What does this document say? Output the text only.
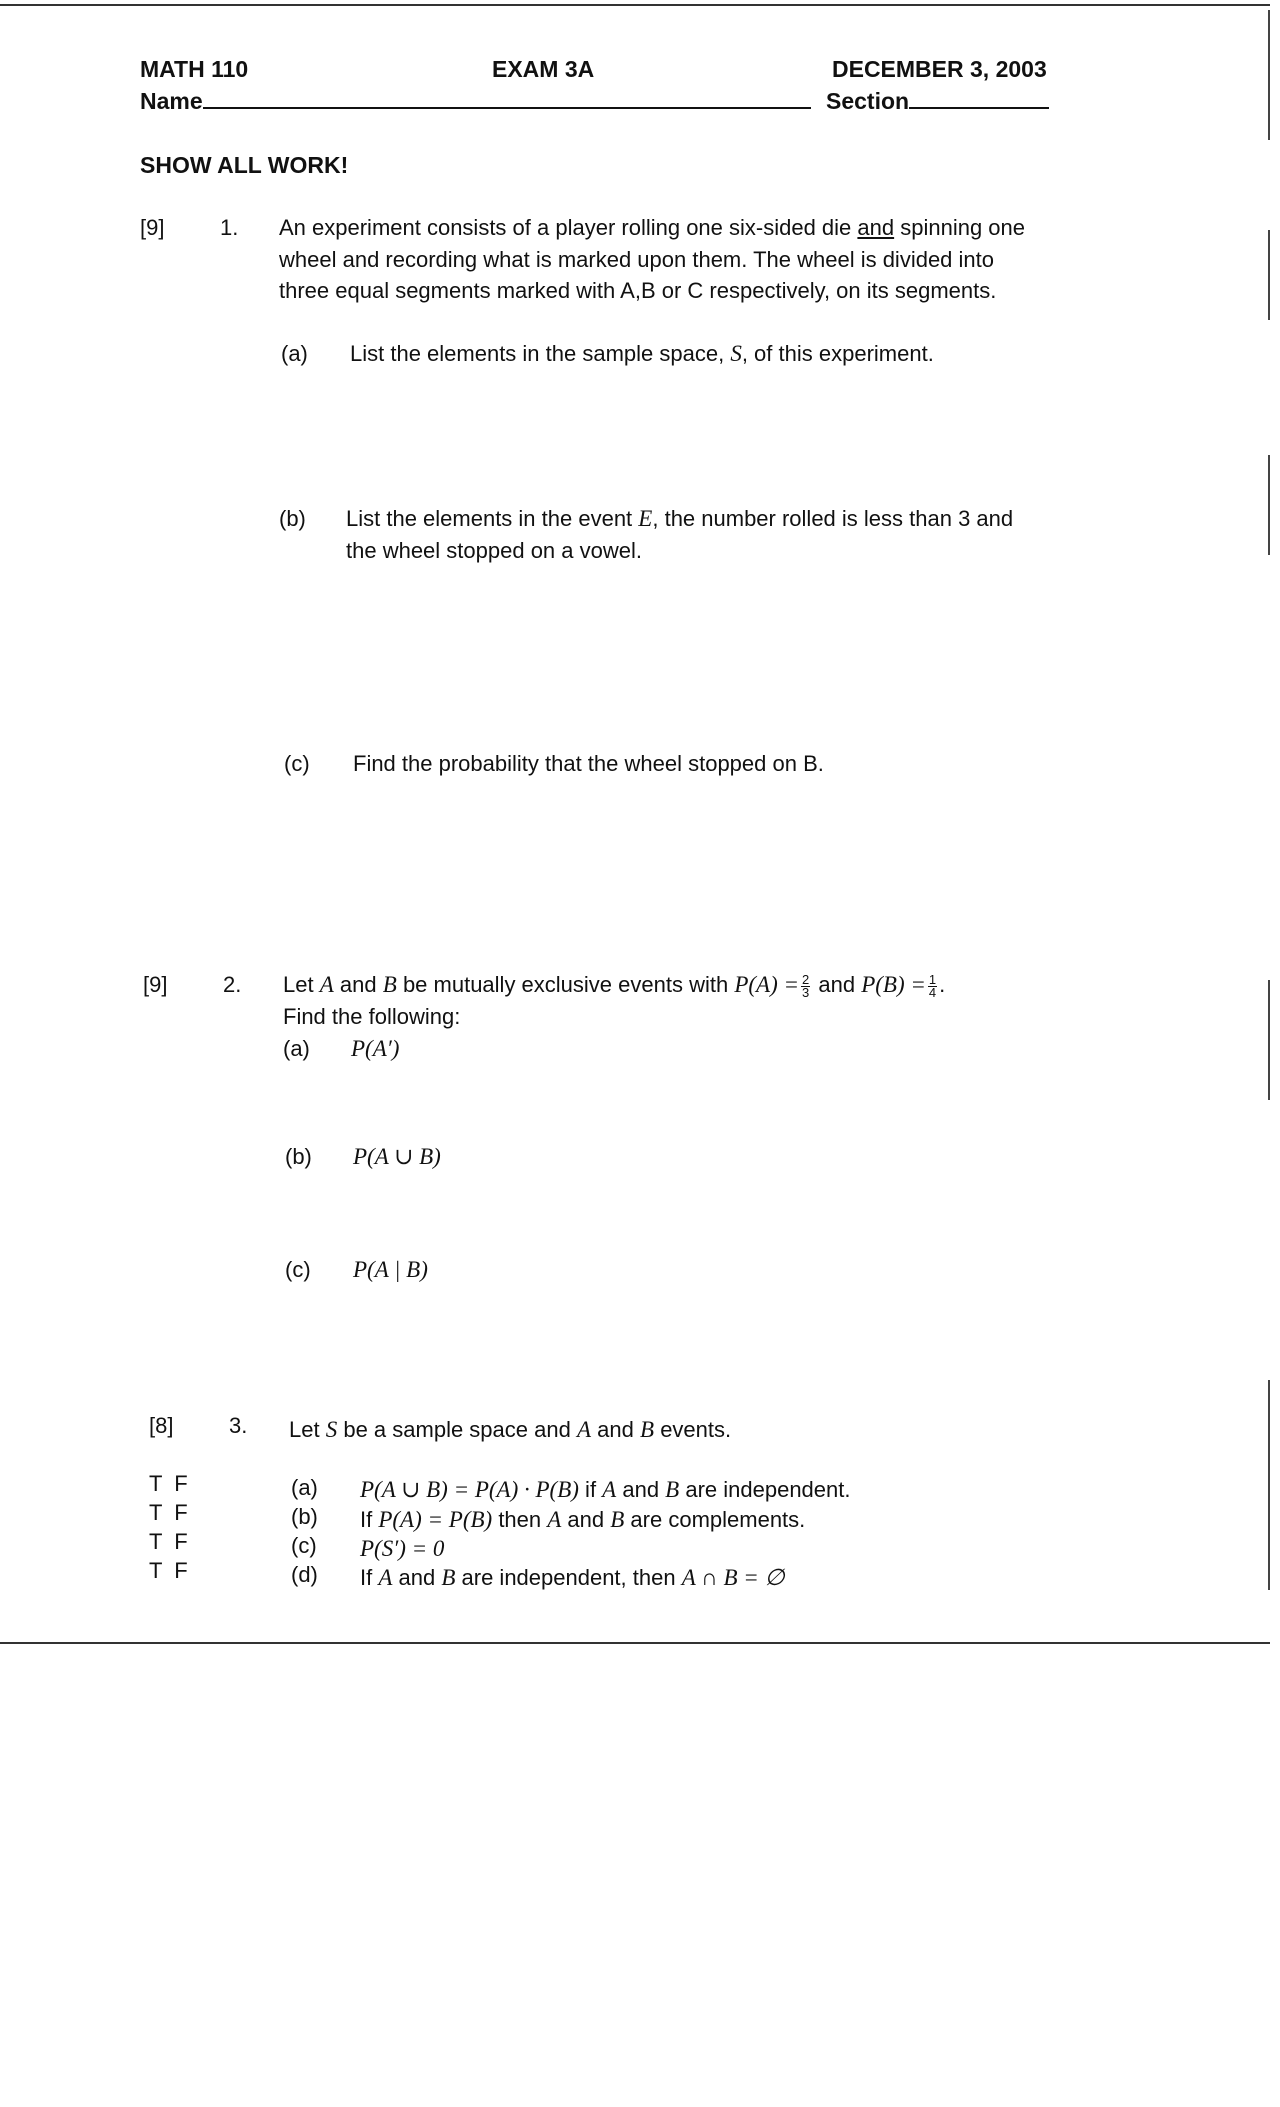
MATH 110	EXAM 3A	DECEMBER 3, 2003
Name	Section
SHOW ALL WORK!
[9]	1. An experiment consists of a player rolling one six-sided die and spinning one
wheel and recording what is marked upon them. The wheel is divided into
three equal segments marked with A,B or C respectively, on its segments.
(a) List the elements in the sample space, S, of this experiment.
(b) List the elements in the event E, the number rolled is less than 3 and
the wheel stopped on a vowel.
(c) Find the probability that the wheel stopped on B.
[9]	2. Let A and B be mutually exclusive events with $P(A) = \frac{2}{3}$ and $P(B) = \frac{1}{4}$ .
Find the following:
(a) P(A′)
(b) P(A ∪ B)
(c) P(A | B)
[8]	3. Let S be a sample space and A and B events.
T  F	(a) P(A ∪ B) = P(A) · P(B) if A and B are independent.
T  F	(b) If P(A) = P(B) then A and B are complements.
T  F	(c) P(S′) = 0
T  F	(d) If A and B are independent, then A ∩ B = ∅
